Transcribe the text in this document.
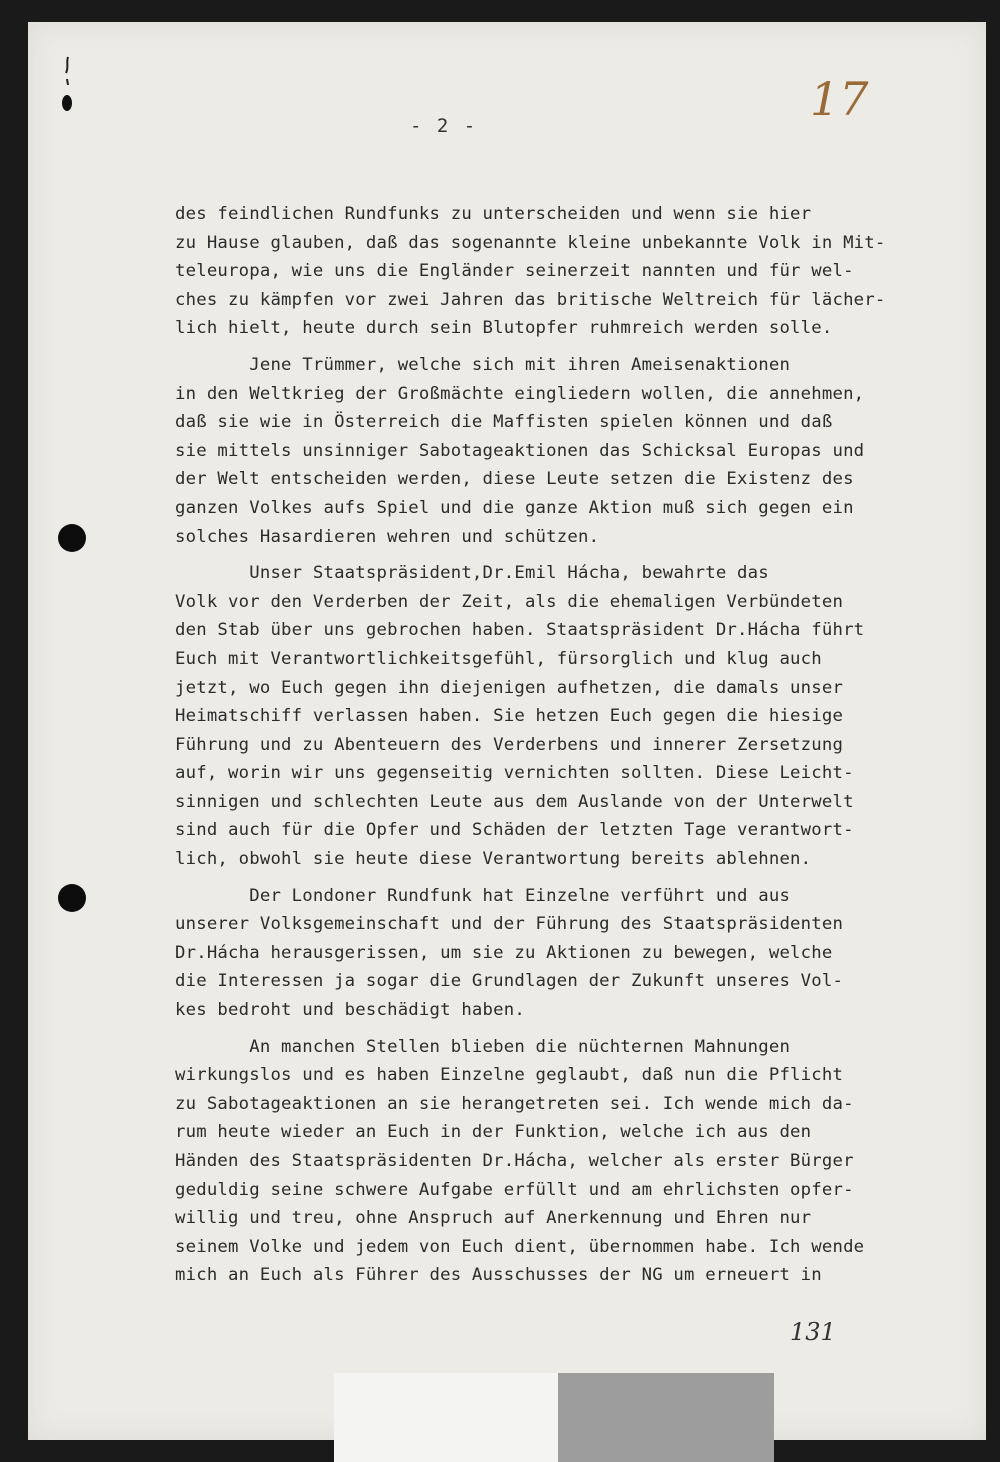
- 2 -	17
des feindlichen Rundfunks zu unterscheiden und wenn sie hier
zu Hause glauben, daß das sogenannte kleine unbekannte Volk in Mit-
teleuropa, wie uns die Engländer seinerzeit nannten und für wel-
ches zu kämpfen vor zwei Jahren das britische Weltreich für lächer-
lich hielt, heute durch sein Blutopfer ruhmreich werden solle.
Jene Trümmer, welche sich mit ihren Ameisenaktionen
in den Weltkrieg der Großmächte eingliedern wollen, die annehmen,
daß sie wie in Österreich die Maffisten spielen können und daß
sie mittels unsinniger Sabotageaktionen das Schicksal Europas und
der Welt entscheiden werden, diese Leute setzen die Existenz des
ganzen Volkes aufs Spiel und die ganze Aktion muß sich gegen ein
solches Hasardieren wehren und schützen.
Unser Staatspräsident,Dr.Emil Hácha, bewahrte das
Volk vor den Verderben der Zeit, als die ehemaligen Verbündeten
den Stab über uns gebrochen haben. Staatspräsident Dr.Hácha führt
Euch mit Verantwortlichkeitsgefühl, fürsorglich und klug auch
jetzt, wo Euch gegen ihn diejenigen aufhetzen, die damals unser
Heimatschiff verlassen haben. Sie hetzen Euch gegen die hiesige
Führung und zu Abenteuern des Verderbens und innerer Zersetzung
auf, worin wir uns gegenseitig vernichten sollten. Diese Leicht-
sinnigen und schlechten Leute aus dem Auslande von der Unterwelt
sind auch für die Opfer und Schäden der letzten Tage verantwort-
lich, obwohl sie heute diese Verantwortung bereits ablehnen.
Der Londoner Rundfunk hat Einzelne verführt und aus
unserer Volksgemeinschaft und der Führung des Staatspräsidenten
Dr.Hácha herausgerissen, um sie zu Aktionen zu bewegen, welche
die Interessen ja sogar die Grundlagen der Zukunft unseres Vol-
kes bedroht und beschädigt haben.
An manchen Stellen blieben die nüchternen Mahnungen
wirkungslos und es haben Einzelne geglaubt, daß nun die Pflicht
zu Sabotageaktionen an sie herangetreten sei. Ich wende mich da-
rum heute wieder an Euch in der Funktion, welche ich aus den
Händen des Staatspräsidenten Dr.Hácha, welcher als erster Bürger
geduldig seine schwere Aufgabe erfüllt und am ehrlichsten opfer-
willig und treu, ohne Anspruch auf Anerkennung und Ehren nur
seinem Volke und jedem von Euch dient, übernommen habe. Ich wende
mich an Euch als Führer des Ausschusses der NG um erneuert in
131
